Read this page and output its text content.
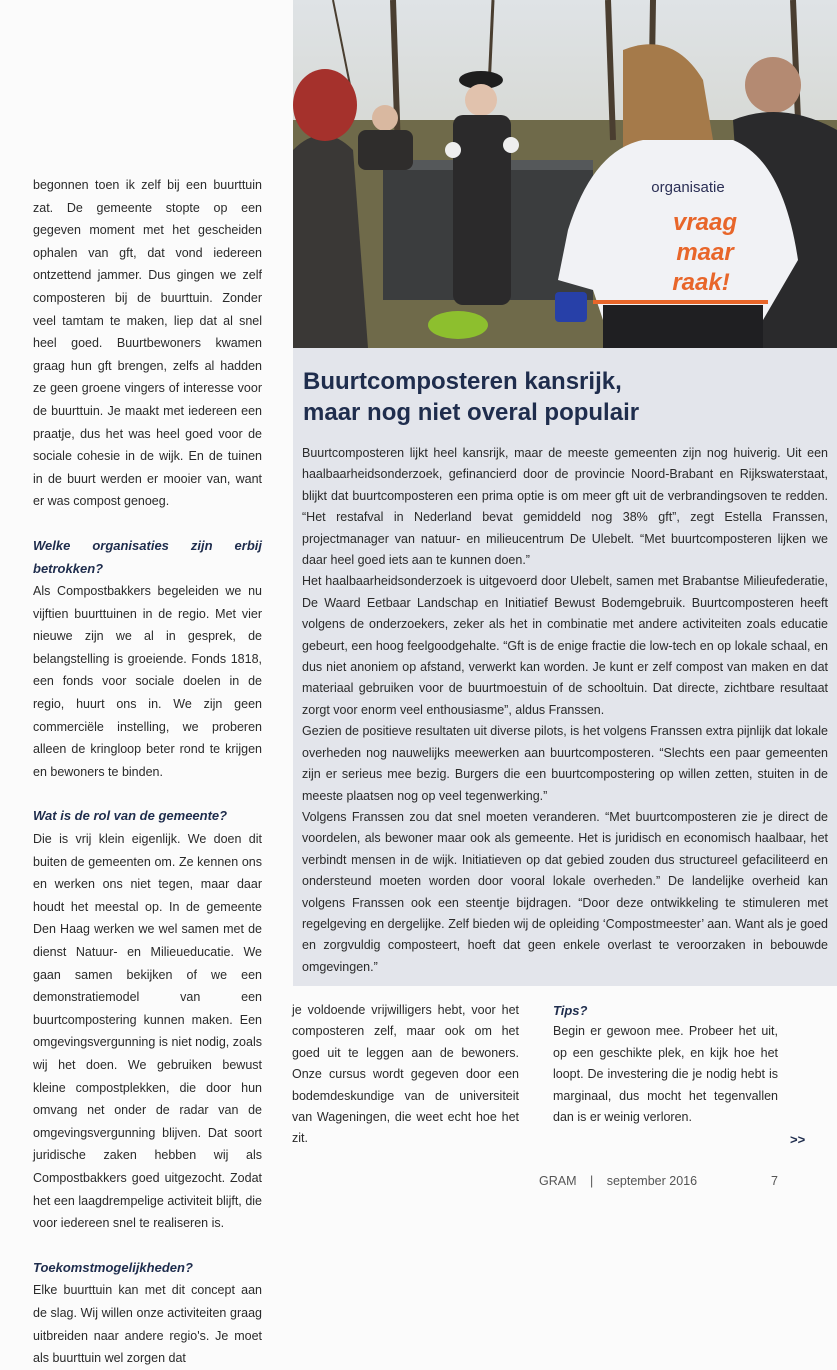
begonnen toen ik zelf bij een buurttuin zat. De gemeente stopte op een gegeven moment met het gescheiden ophalen van gft, dat vond iedereen ontzettend jammer. Dus gingen we zelf composteren bij de buurttuin. Zonder veel tamtam te maken, liep dat al snel heel goed. Buurtbewoners kwamen graag hun gft brengen, zelfs al hadden ze geen groene vingers of interesse voor de buurttuin. Je maakt met iedereen een praatje, dus het was heel goed voor de sociale cohesie in de wijk. En de tuinen in de buurt werden er mooier van, want er was compost genoeg.

Welke organisaties zijn erbij betrokken?

Als Compostbakkers begeleiden we nu vijftien buurttuinen in de regio. Met vier nieuwe zijn we al in gesprek, de belangstelling is groeiende. Fonds 1818, een fonds voor sociale doelen in de regio, huurt ons in. We zijn geen commerciële instelling, we proberen alleen de kringloop beter rond te krijgen en bewoners te binden.

Wat is de rol van de gemeente?

Die is vrij klein eigenlijk. We doen dit buiten de gemeenten om. Ze kennen ons en werken ons niet tegen, maar daar houdt het meestal op. In de gemeente Den Haag werken we wel samen met de dienst Natuur- en Milieueducatie. We gaan samen bekijken of we een demonstratiemodel van een buurtcompostering kunnen maken. Een omgevingsvergunning is niet nodig, zoals wij het doen. We gebruiken bewust kleine compostplekken, die door hun omvang net onder de radar van de omgevingsvergunning blijven. Dat soort juridische zaken hebben wij als Compostbakkers goed uitgezocht. Zodat het een laagdrempelige activiteit blijft, die voor iedereen snel te realiseren is.

Toekomstmogelijkheden?

Elke buurttuin kan met dit concept aan de slag. Wij willen onze activiteiten graag uitbreiden naar andere regio's. Je moet als buurttuin wel zorgen dat

organisatie
vraag
maar
raak!
Buurtcomposteren kansrijk,
maar nog niet overal populair

Buurtcomposteren lijkt heel kansrijk, maar de meeste gemeenten zijn nog huiverig. Uit een haalbaarheidsonderzoek, gefinancierd door de provincie Noord-Brabant en Rijkswaterstaat, blijkt dat buurtcomposteren een prima optie is om meer gft uit de verbrandingsoven te redden. “Het restafval in Nederland bevat gemiddeld nog 38% gft”, zegt Estella Franssen, projectmanager van natuur- en milieucentrum De Ulebelt. “Met buurtcomposteren lijken we daar heel goed iets aan te kunnen doen.”

Het haalbaarheidsonderzoek is uitgevoerd door Ulebelt, samen met Brabantse Milieufederatie, De Waard Eetbaar Landschap en Initiatief Bewust Bodemgebruik. Buurtcomposteren heeft volgens de onderzoekers, zeker als het in combinatie met andere activiteiten zoals educatie gebeurt, een hoog feelgoodgehalte. “Gft is de enige fractie die low-tech en op lokale schaal, en dus niet anoniem op afstand, verwerkt kan worden. Je kunt er zelf compost van maken en dat materiaal gebruiken voor de buurtmoestuin of de schooltuin. Dat directe, zichtbare resultaat zorgt voor enorm veel enthousiasme”, aldus Franssen.

Gezien de positieve resultaten uit diverse pilots, is het volgens Franssen extra pijnlijk dat lokale overheden nog nauwelijks meewerken aan buurtcomposteren. “Slechts een paar gemeenten zijn er serieus mee bezig. Burgers die een buurtcompostering op willen zetten, stuiten in de meeste plaatsen nog op veel tegenwerking.”

Volgens Franssen zou dat snel moeten veranderen. “Met buurtcomposteren zie je direct de voordelen, als bewoner maar ook als gemeente. Het is juridisch en economisch haalbaar, het verbindt mensen in de wijk. Initiatieven op dat gebied zouden dus structureel gefaciliteerd en ondersteund moeten worden door vooral lokale overheden.” De landelijke overheid kan volgens Franssen ook een steentje bijdragen. “Door deze ontwikkeling te stimuleren met regelgeving en dergelijke. Zelf bieden wij de opleiding ‘Compostmeester’ aan. Want als je goed en zorgvuldig composteert, hoeft dat geen enkele overlast te veroorzaken in bebouwde omgevingen.”

je voldoende vrijwilligers hebt, voor het composteren zelf, maar ook om het goed uit te leggen aan de bewoners. Onze cursus wordt gegeven door een bodemdeskundige van de universiteit van Wageningen, die weet echt hoe het zit.

Tips?

Begin er gewoon mee. Probeer het uit, op een geschikte plek, en kijk hoe het loopt. De investering die je nodig hebt is marginaal, dus mocht het tegenvallen dan is er weinig verloren.

>>
GRAM | september 2016	7
